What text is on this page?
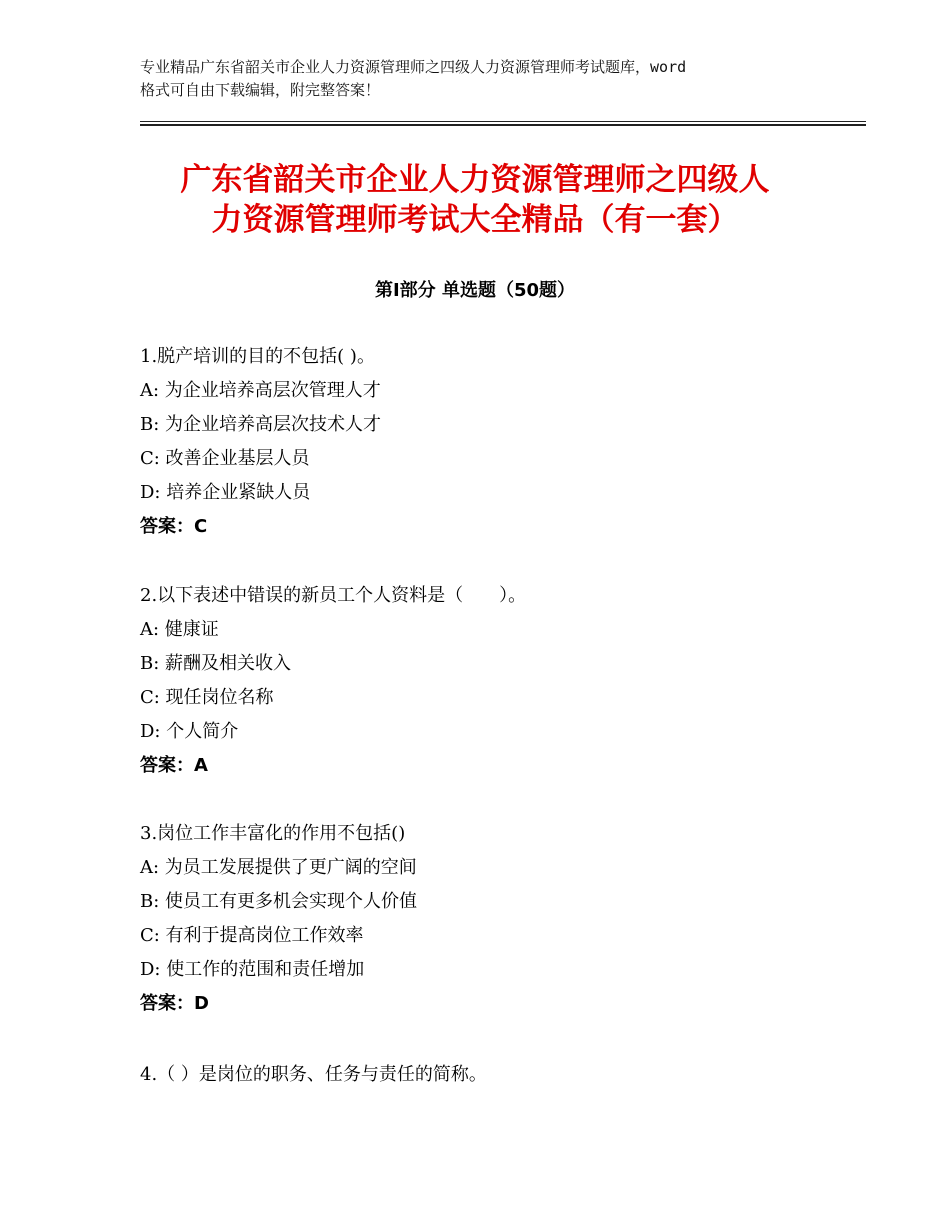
专业精品广东省韶关市企业人力资源管理师之四级人力资源管理师考试题库，word
格式可自由下载编辑，附完整答案！
广东省韶关市企业人力资源管理师之四级人
力资源管理师考试大全精品（有一套）
第Ⅰ部分 单选题（50题）
1.脱产培训的目的不包括( )。
A: 为企业培养高层次管理人才
B: 为企业培养高层次技术人才
C: 改善企业基层人员
D: 培养企业紧缺人员
答案：C
2.以下表述中错误的新员工个人资料是（　　）。
A: 健康证
B: 薪酬及相关收入
C: 现任岗位名称
D: 个人简介
答案：A
3.岗位工作丰富化的作用不包括()
A: 为员工发展提供了更广阔的空间
B: 使员工有更多机会实现个人价值
C: 有利于提高岗位工作效率
D: 使工作的范围和责任增加
答案：D
4.（ ）是岗位的职务、任务与责任的简称。
